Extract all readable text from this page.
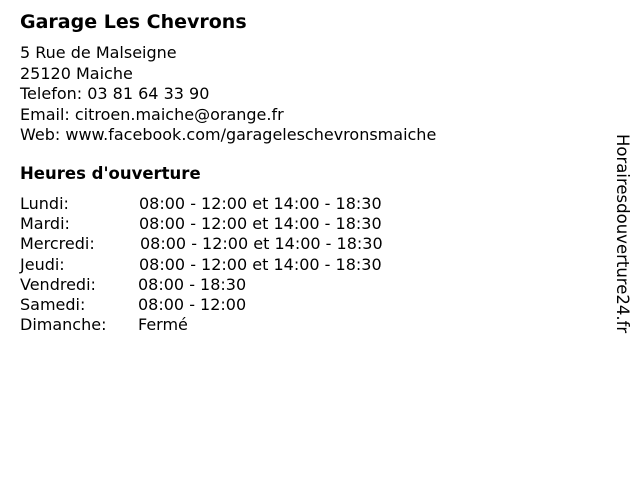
Garage Les Chevrons
5 Rue de Malseigne
25120 Maiche
Telefon: 03 81 64 33 90
Email: citroen.maiche@orange.fr
Web: www.facebook.com/garageleschevronsmaiche
Heures d'ouverture
Lundi:	08:00 - 12:00 et 14:00 - 18:30
Mardi:	08:00 - 12:00 et 14:00 - 18:30
Mercredi:	08:00 - 12:00 et 14:00 - 18:30
Jeudi:	08:00 - 12:00 et 14:00 - 18:30
Vendredi:	08:00 - 18:30
Samedi:	08:00 - 12:00
Dimanche: Fermé	Horairesdouverture24.fr
